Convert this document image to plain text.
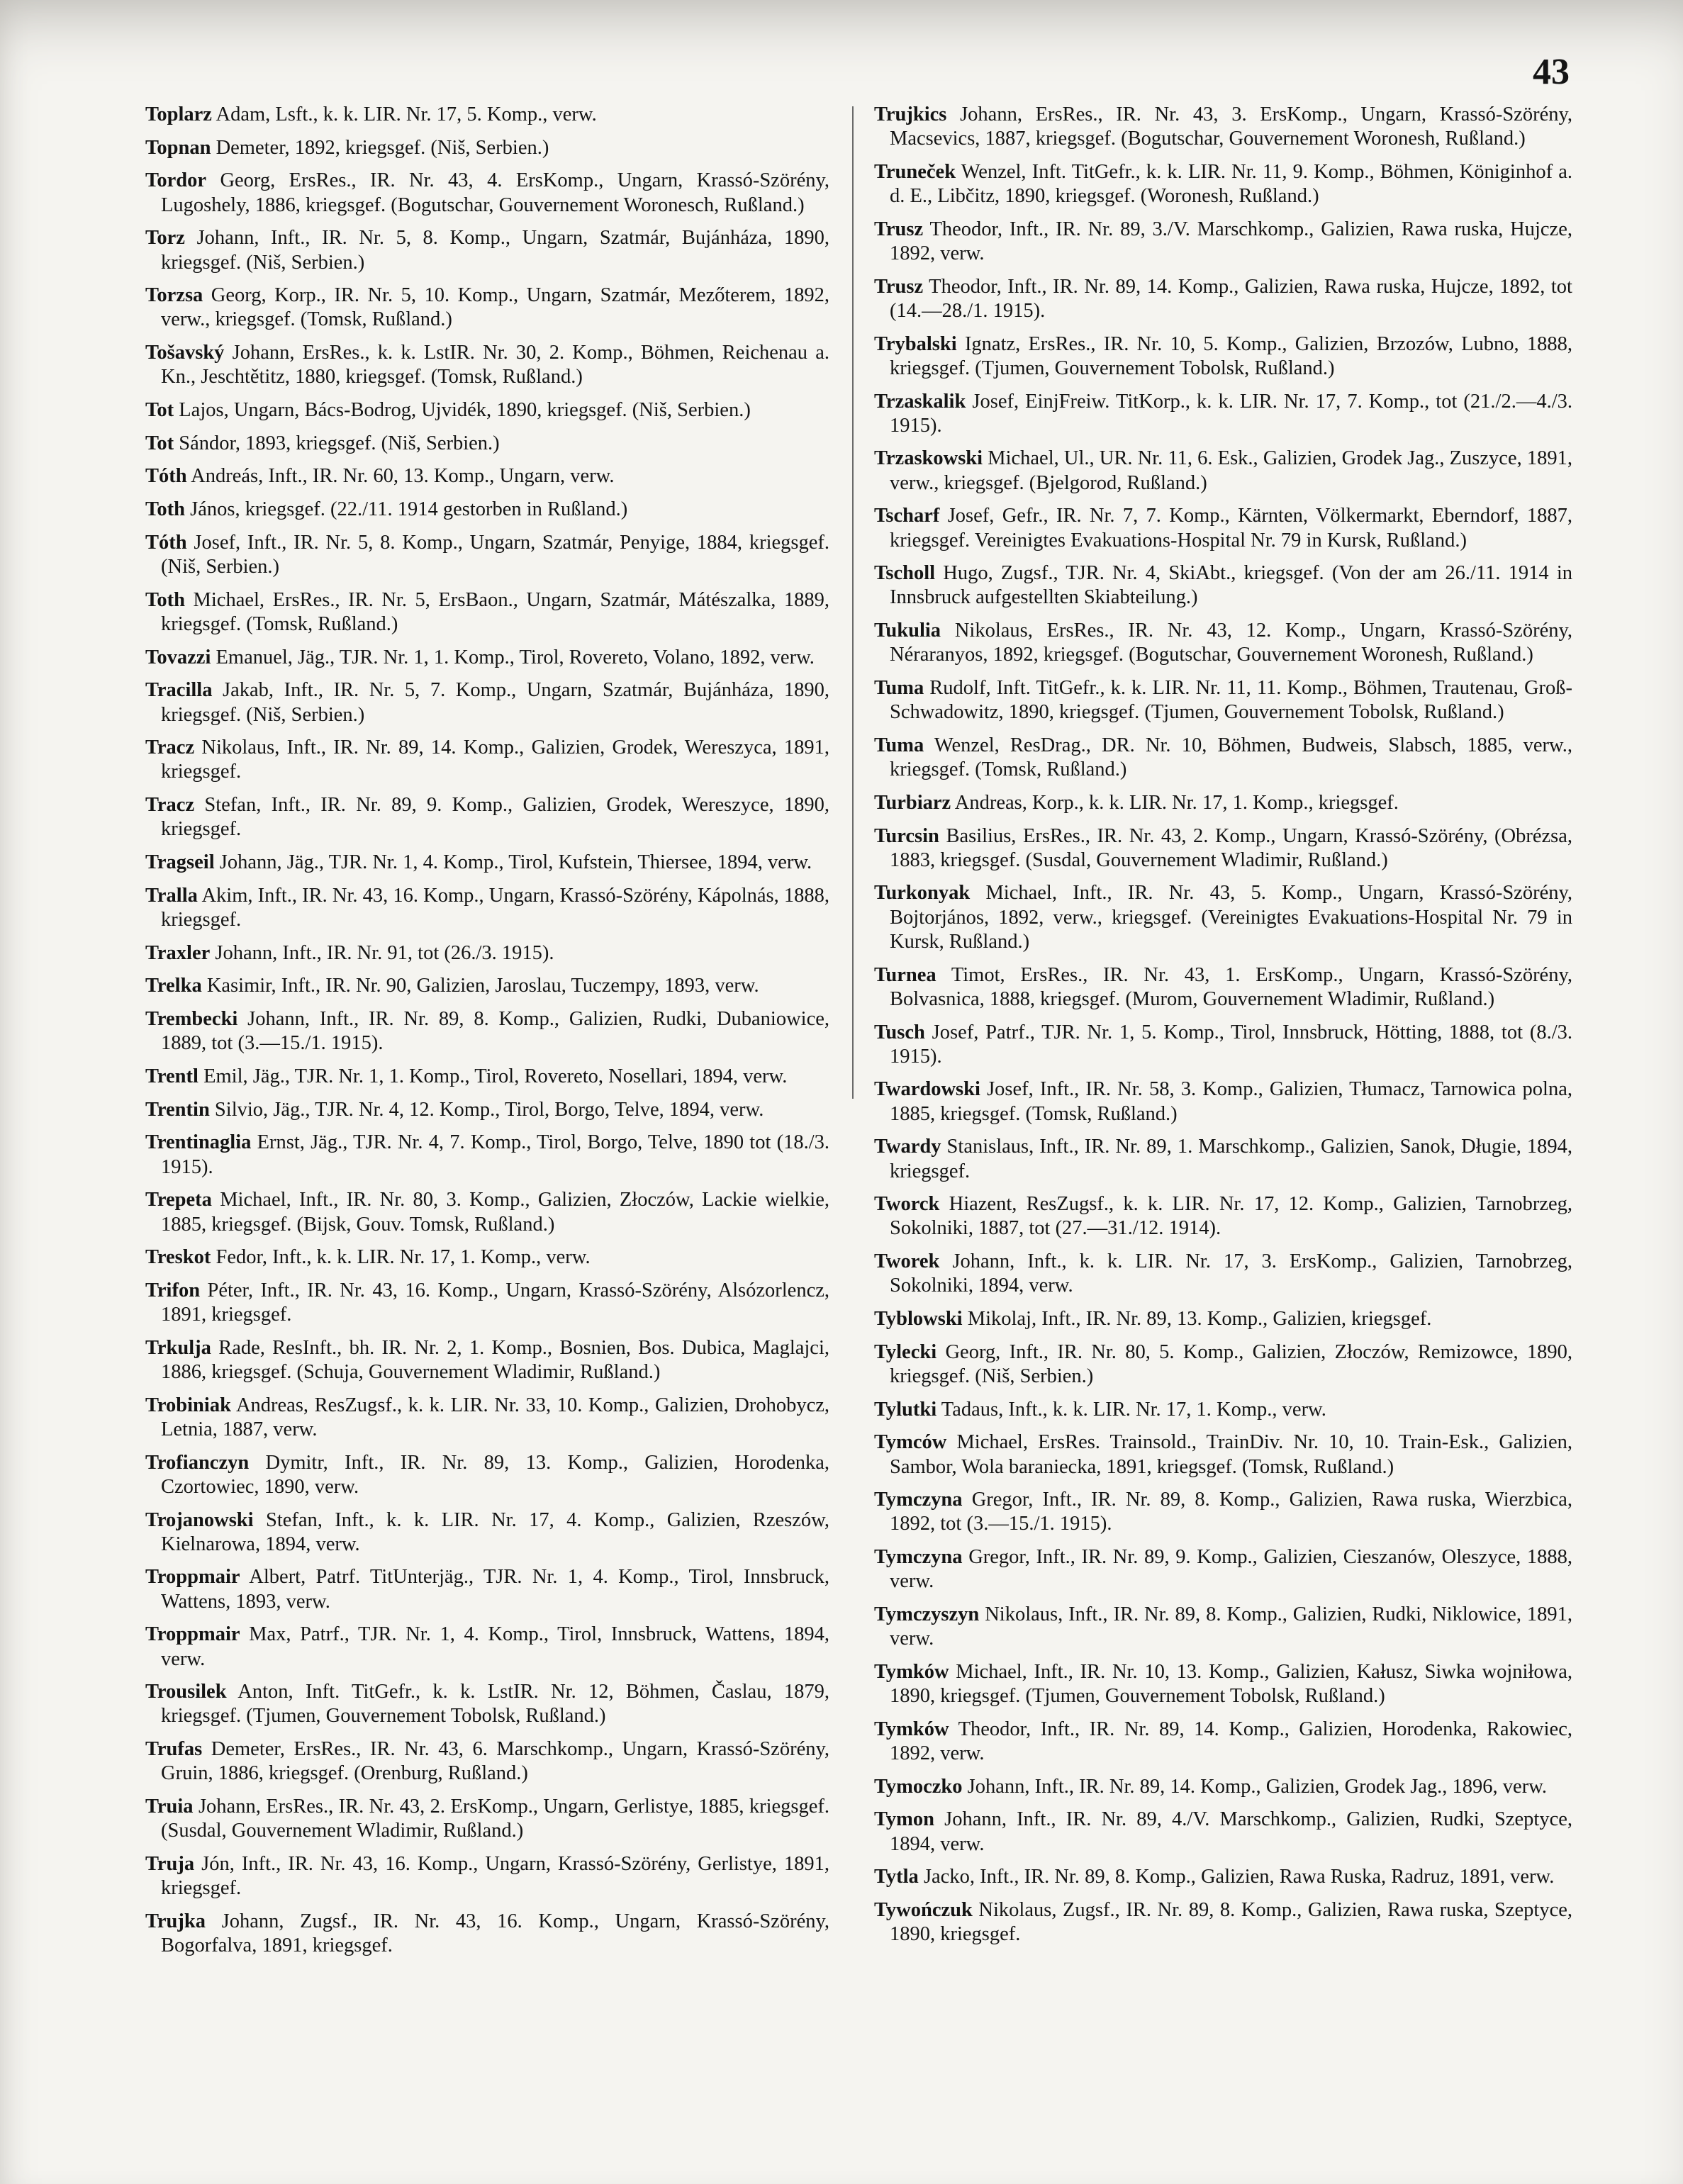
43
Toplarz Adam, Lsft., k. k. LIR. Nr. 17, 5. Komp., verw.
Topnan Demeter, 1892, kriegsgef. (Niš, Serbien.)
Tordor Georg, ErsRes., IR. Nr. 43, 4. ErsKomp., Ungarn, Krassó-Szörény, Lugoshely, 1886, kriegsgef. (Bogutschar, Gouvernement Woronesch, Rußland.)
Torz Johann, Inft., IR. Nr. 5, 8. Komp., Ungarn, Szatmár, Bujánháza, 1890, kriegsgef. (Niš, Serbien.)
Torzsa Georg, Korp., IR. Nr. 5, 10. Komp., Ungarn, Szatmár, Mezőterem, 1892, verw., kriegsgef. (Tomsk, Rußland.)
Tošavský Johann, ErsRes., k. k. LstIR. Nr. 30, 2. Komp., Böhmen, Reichenau a. Kn., Jeschtětitz, 1880, kriegsgef. (Tomsk, Rußland.)
Tot Lajos, Ungarn, Bács-Bodrog, Ujvidék, 1890, kriegsgef. (Niš, Serbien.)
Tot Sándor, 1893, kriegsgef. (Niš, Serbien.)
Tóth Andreás, Inft., IR. Nr. 60, 13. Komp., Ungarn, verw.
Toth János, kriegsgef. (22./11. 1914 gestorben in Rußland.)
Tóth Josef, Inft., IR. Nr. 5, 8. Komp., Ungarn, Szatmár, Penyige, 1884, kriegsgef. (Niš, Serbien.)
Toth Michael, ErsRes., IR. Nr. 5, ErsBaon., Ungarn, Szatmár, Mátészalka, 1889, kriegsgef. (Tomsk, Rußland.)
Tovazzi Emanuel, Jäg., TJR. Nr. 1, 1. Komp., Tirol, Rovereto, Volano, 1892, verw.
Tracilla Jakab, Inft., IR. Nr. 5, 7. Komp., Ungarn, Szatmár, Bujánháza, 1890, kriegsgef. (Niš, Serbien.)
Tracz Nikolaus, Inft., IR. Nr. 89, 14. Komp., Galizien, Grodek, Wereszyca, 1891, kriegsgef.
Tracz Stefan, Inft., IR. Nr. 89, 9. Komp., Galizien, Grodek, Wereszyce, 1890, kriegsgef.
Tragseil Johann, Jäg., TJR. Nr. 1, 4. Komp., Tirol, Kufstein, Thiersee, 1894, verw.
Tralla Akim, Inft., IR. Nr. 43, 16. Komp., Ungarn, Krassó-Szörény, Kápolnás, 1888, kriegsgef.
Traxler Johann, Inft., IR. Nr. 91, tot (26./3. 1915).
Trelka Kasimir, Inft., IR. Nr. 90, Galizien, Jaroslau, Tuczempy, 1893, verw.
Trembecki Johann, Inft., IR. Nr. 89, 8. Komp., Galizien, Rudki, Dubaniowice, 1889, tot (3.—15./1. 1915).
Trentl Emil, Jäg., TJR. Nr. 1, 1. Komp., Tirol, Rovereto, Nosellari, 1894, verw.
Trentin Silvio, Jäg., TJR. Nr. 4, 12. Komp., Tirol, Borgo, Telve, 1894, verw.
Trentinaglia Ernst, Jäg., TJR. Nr. 4, 7. Komp., Tirol, Borgo, Telve, 1890 tot (18./3. 1915).
Trepeta Michael, Inft., IR. Nr. 80, 3. Komp., Galizien, Złoczów, Lackie wielkie, 1885, kriegsgef. (Bijsk, Gouv. Tomsk, Rußland.)
Treskot Fedor, Inft., k. k. LIR. Nr. 17, 1. Komp., verw.
Trifon Péter, Inft., IR. Nr. 43, 16. Komp., Ungarn, Krassó-Szörény, Alsózorlencz, 1891, kriegsgef.
Trkulja Rade, ResInft., bh. IR. Nr. 2, 1. Komp., Bosnien, Bos. Dubica, Maglajci, 1886, kriegsgef. (Schuja, Gouvernement Wladimir, Rußland.)
Trobiniak Andreas, ResZugsf., k. k. LIR. Nr. 33, 10. Komp., Galizien, Drohobycz, Letnia, 1887, verw.
Trofianczyn Dymitr, Inft., IR. Nr. 89, 13. Komp., Galizien, Horodenka, Czortowiec, 1890, verw.
Trojanowski Stefan, Inft., k. k. LIR. Nr. 17, 4. Komp., Galizien, Rzeszów, Kielnarowa, 1894, verw.
Troppmair Albert, Patrf. TitUnterjäg., TJR. Nr. 1, 4. Komp., Tirol, Innsbruck, Wattens, 1893, verw.
Troppmair Max, Patrf., TJR. Nr. 1, 4. Komp., Tirol, Innsbruck, Wattens, 1894, verw.
Trousilek Anton, Inft. TitGefr., k. k. LstIR. Nr. 12, Böhmen, Časlau, 1879, kriegsgef. (Tjumen, Gouvernement Tobolsk, Rußland.)
Trufas Demeter, ErsRes., IR. Nr. 43, 6. Marschkomp., Ungarn, Krassó-Szörény, Gruin, 1886, kriegsgef. (Orenburg, Rußland.)
Truia Johann, ErsRes., IR. Nr. 43, 2. ErsKomp., Ungarn, Gerlistye, 1885, kriegsgef. (Susdal, Gouvernement Wladimir, Rußland.)
Truja Jón, Inft., IR. Nr. 43, 16. Komp., Ungarn, Krassó-Szörény, Gerlistye, 1891, kriegsgef.
Trujka Johann, Zugsf., IR. Nr. 43, 16. Komp., Ungarn, Krassó-Szörény, Bogorfalva, 1891, kriegsgef.
Trujkics Johann, ErsRes., IR. Nr. 43, 3. ErsKomp., Ungarn, Krassó-Szörény, Macsevics, 1887, kriegsgef. (Bogutschar, Gouvernement Woronesh, Rußland.)
Truneček Wenzel, Inft. TitGefr., k. k. LIR. Nr. 11, 9. Komp., Böhmen, Königinhof a. d. E., Libčitz, 1890, kriegsgef. (Woronesh, Rußland.)
Trusz Theodor, Inft., IR. Nr. 89, 3./V. Marschkomp., Galizien, Rawa ruska, Hujcze, 1892, verw.
Trusz Theodor, Inft., IR. Nr. 89, 14. Komp., Galizien, Rawa ruska, Hujcze, 1892, tot (14.—28./1. 1915).
Trybalski Ignatz, ErsRes., IR. Nr. 10, 5. Komp., Galizien, Brzozów, Lubno, 1888, kriegsgef. (Tjumen, Gouvernement Tobolsk, Rußland.)
Trzaskalik Josef, EinjFreiw. TitKorp., k. k. LIR. Nr. 17, 7. Komp., tot (21./2.—4./3. 1915).
Trzaskowski Michael, Ul., UR. Nr. 11, 6. Esk., Galizien, Grodek Jag., Zuszyce, 1891, verw., kriegsgef. (Bjelgorod, Rußland.)
Tscharf Josef, Gefr., IR. Nr. 7, 7. Komp., Kärnten, Völkermarkt, Eberndorf, 1887, kriegsgef. Vereinigtes Evakuations-Hospital Nr. 79 in Kursk, Rußland.)
Tscholl Hugo, Zugsf., TJR. Nr. 4, SkiAbt., kriegsgef. (Von der am 26./11. 1914 in Innsbruck aufgestellten Skiabteilung.)
Tukulia Nikolaus, ErsRes., IR. Nr. 43, 12. Komp., Ungarn, Krassó-Szörény, Néraranyos, 1892, kriegsgef. (Bogutschar, Gouvernement Woronesh, Rußland.)
Tuma Rudolf, Inft. TitGefr., k. k. LIR. Nr. 11, 11. Komp., Böhmen, Trautenau, Groß-Schwadowitz, 1890, kriegsgef. (Tjumen, Gouvernement Tobolsk, Rußland.)
Tuma Wenzel, ResDrag., DR. Nr. 10, Böhmen, Budweis, Slabsch, 1885, verw., kriegsgef. (Tomsk, Rußland.)
Turbiarz Andreas, Korp., k. k. LIR. Nr. 17, 1. Komp., kriegsgef.
Turcsin Basilius, ErsRes., IR. Nr. 43, 2. Komp., Ungarn, Krassó-Szörény, (Obrézsa, 1883, kriegsgef. (Susdal, Gouvernement Wladimir, Rußland.)
Turkonyak Michael, Inft., IR. Nr. 43, 5. Komp., Ungarn, Krassó-Szörény, Bojtorjános, 1892, verw., kriegsgef. (Vereinigtes Evakuations-Hospital Nr. 79 in Kursk, Rußland.)
Turnea Timot, ErsRes., IR. Nr. 43, 1. ErsKomp., Ungarn, Krassó-Szörény, Bolvasnica, 1888, kriegsgef. (Murom, Gouvernement Wladimir, Rußland.)
Tusch Josef, Patrf., TJR. Nr. 1, 5. Komp., Tirol, Innsbruck, Hötting, 1888, tot (8./3. 1915).
Twardowski Josef, Inft., IR. Nr. 58, 3. Komp., Galizien, Tłumacz, Tarnowica polna, 1885, kriegsgef. (Tomsk, Rußland.)
Twardy Stanislaus, Inft., IR. Nr. 89, 1. Marschkomp., Galizien, Sanok, Długie, 1894, kriegsgef.
Tworck Hiazent, ResZugsf., k. k. LIR. Nr. 17, 12. Komp., Galizien, Tarnobrzeg, Sokolniki, 1887, tot (27.—31./12. 1914).
Tworek Johann, Inft., k. k. LIR. Nr. 17, 3. ErsKomp., Galizien, Tarnobrzeg, Sokolniki, 1894, verw.
Tyblowski Mikolaj, Inft., IR. Nr. 89, 13. Komp., Galizien, kriegsgef.
Tylecki Georg, Inft., IR. Nr. 80, 5. Komp., Galizien, Złoczów, Remizowce, 1890, kriegsgef. (Niš, Serbien.)
Tylutki Tadaus, Inft., k. k. LIR. Nr. 17, 1. Komp., verw.
Tymców Michael, ErsRes. Trainsold., TrainDiv. Nr. 10, 10. Train-Esk., Galizien, Sambor, Wola baraniecka, 1891, kriegsgef. (Tomsk, Rußland.)
Tymczyna Gregor, Inft., IR. Nr. 89, 8. Komp., Galizien, Rawa ruska, Wierzbica, 1892, tot (3.—15./1. 1915).
Tymczyna Gregor, Inft., IR. Nr. 89, 9. Komp., Galizien, Cieszanów, Oleszyce, 1888, verw.
Tymczyszyn Nikolaus, Inft., IR. Nr. 89, 8. Komp., Galizien, Rudki, Niklowice, 1891, verw.
Tymków Michael, Inft., IR. Nr. 10, 13. Komp., Galizien, Kałusz, Siwka wojniłowa, 1890, kriegsgef. (Tjumen, Gouvernement Tobolsk, Rußland.)
Tymków Theodor, Inft., IR. Nr. 89, 14. Komp., Galizien, Horodenka, Rakowiec, 1892, verw.
Tymoczko Johann, Inft., IR. Nr. 89, 14. Komp., Galizien, Grodek Jag., 1896, verw.
Tymon Johann, Inft., IR. Nr. 89, 4./V. Marschkomp., Galizien, Rudki, Szeptyce, 1894, verw.
Tytla Jacko, Inft., IR. Nr. 89, 8. Komp., Galizien, Rawa Ruska, Radruz, 1891, verw.
Tywończuk Nikolaus, Zugsf., IR. Nr. 89, 8. Komp., Galizien, Rawa ruska, Szeptyce, 1890, kriegsgef.
